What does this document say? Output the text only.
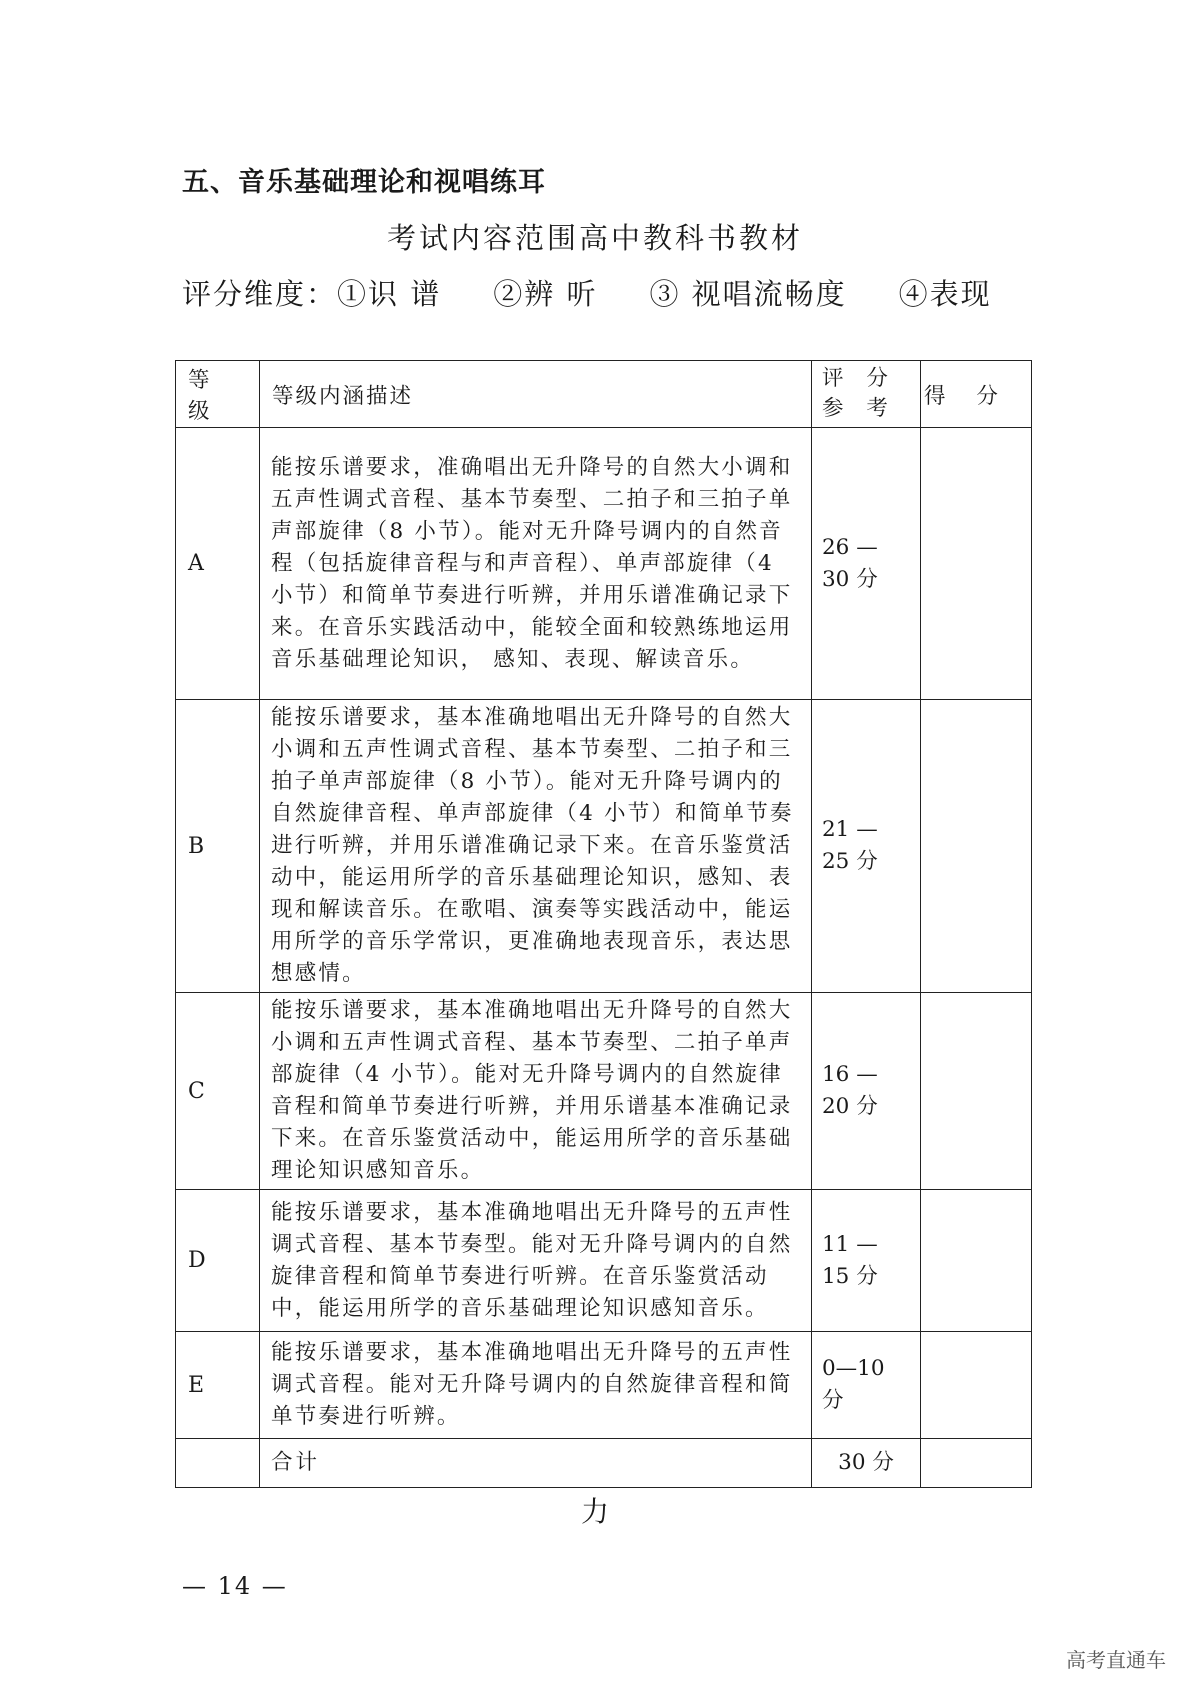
五、音乐基础理论和视唱练耳
考试内容范围高中教科书教材
评分维度：①识 谱 ②辨 听 ③ 视唱流畅度 ④表现
等 级	等级内涵描述	评 分 参 考	得 分
A	能按乐谱要求，准确唱出无升降号的自然大小调和五声性调式音程、基本节奏型、二拍子和三拍子单声部旋律（8 小节）。能对无升降号调内的自然音程（包括旋律音程与和声音程）、单声部旋律（4 小节）和简单节奏进行听辨，并用乐谱准确记录下来。在音乐实践活动中，能较全面和较熟练地运用音乐基础理论知识， 感知、表现、解读音乐。	26 — 30 分	
B	能按乐谱要求，基本准确地唱出无升降号的自然大小调和五声性调式音程、基本节奏型、二拍子和三拍子单声部旋律（8 小节）。能对无升降号调内的自然旋律音程、单声部旋律（4 小节）和简单节奏进行听辨，并用乐谱准确记录下来。在音乐鉴赏活动中，能运用所学的音乐基础理论知识，感知、表现和解读音乐。在歌唱、演奏等实践活动中，能运用所学的音乐学常识，更准确地表现音乐，表达思想感情。	21 — 25 分	
C	能按乐谱要求，基本准确地唱出无升降号的自然大小调和五声性调式音程、基本节奏型、二拍子单声部旋律（4 小节）。能对无升降号调内的自然旋律音程和简单节奏进行听辨，并用乐谱基本准确记录下来。在音乐鉴赏活动中，能运用所学的音乐基础理论知识感知音乐。	16 — 20 分	
D	能按乐谱要求，基本准确地唱出无升降号的五声性调式音程、基本节奏型。能对无升降号调内的自然旋律音程和简单节奏进行听辨。在音乐鉴赏活动中，能运用所学的音乐基础理论知识感知音乐。	11 — 15 分	
E	能按乐谱要求，基本准确地唱出无升降号的五声性调式音程。能对无升降号调内的自然旋律音程和简单节奏进行听辨。	0—10 分	
	合计	30 分	
力
— 14 —
高考直通车
